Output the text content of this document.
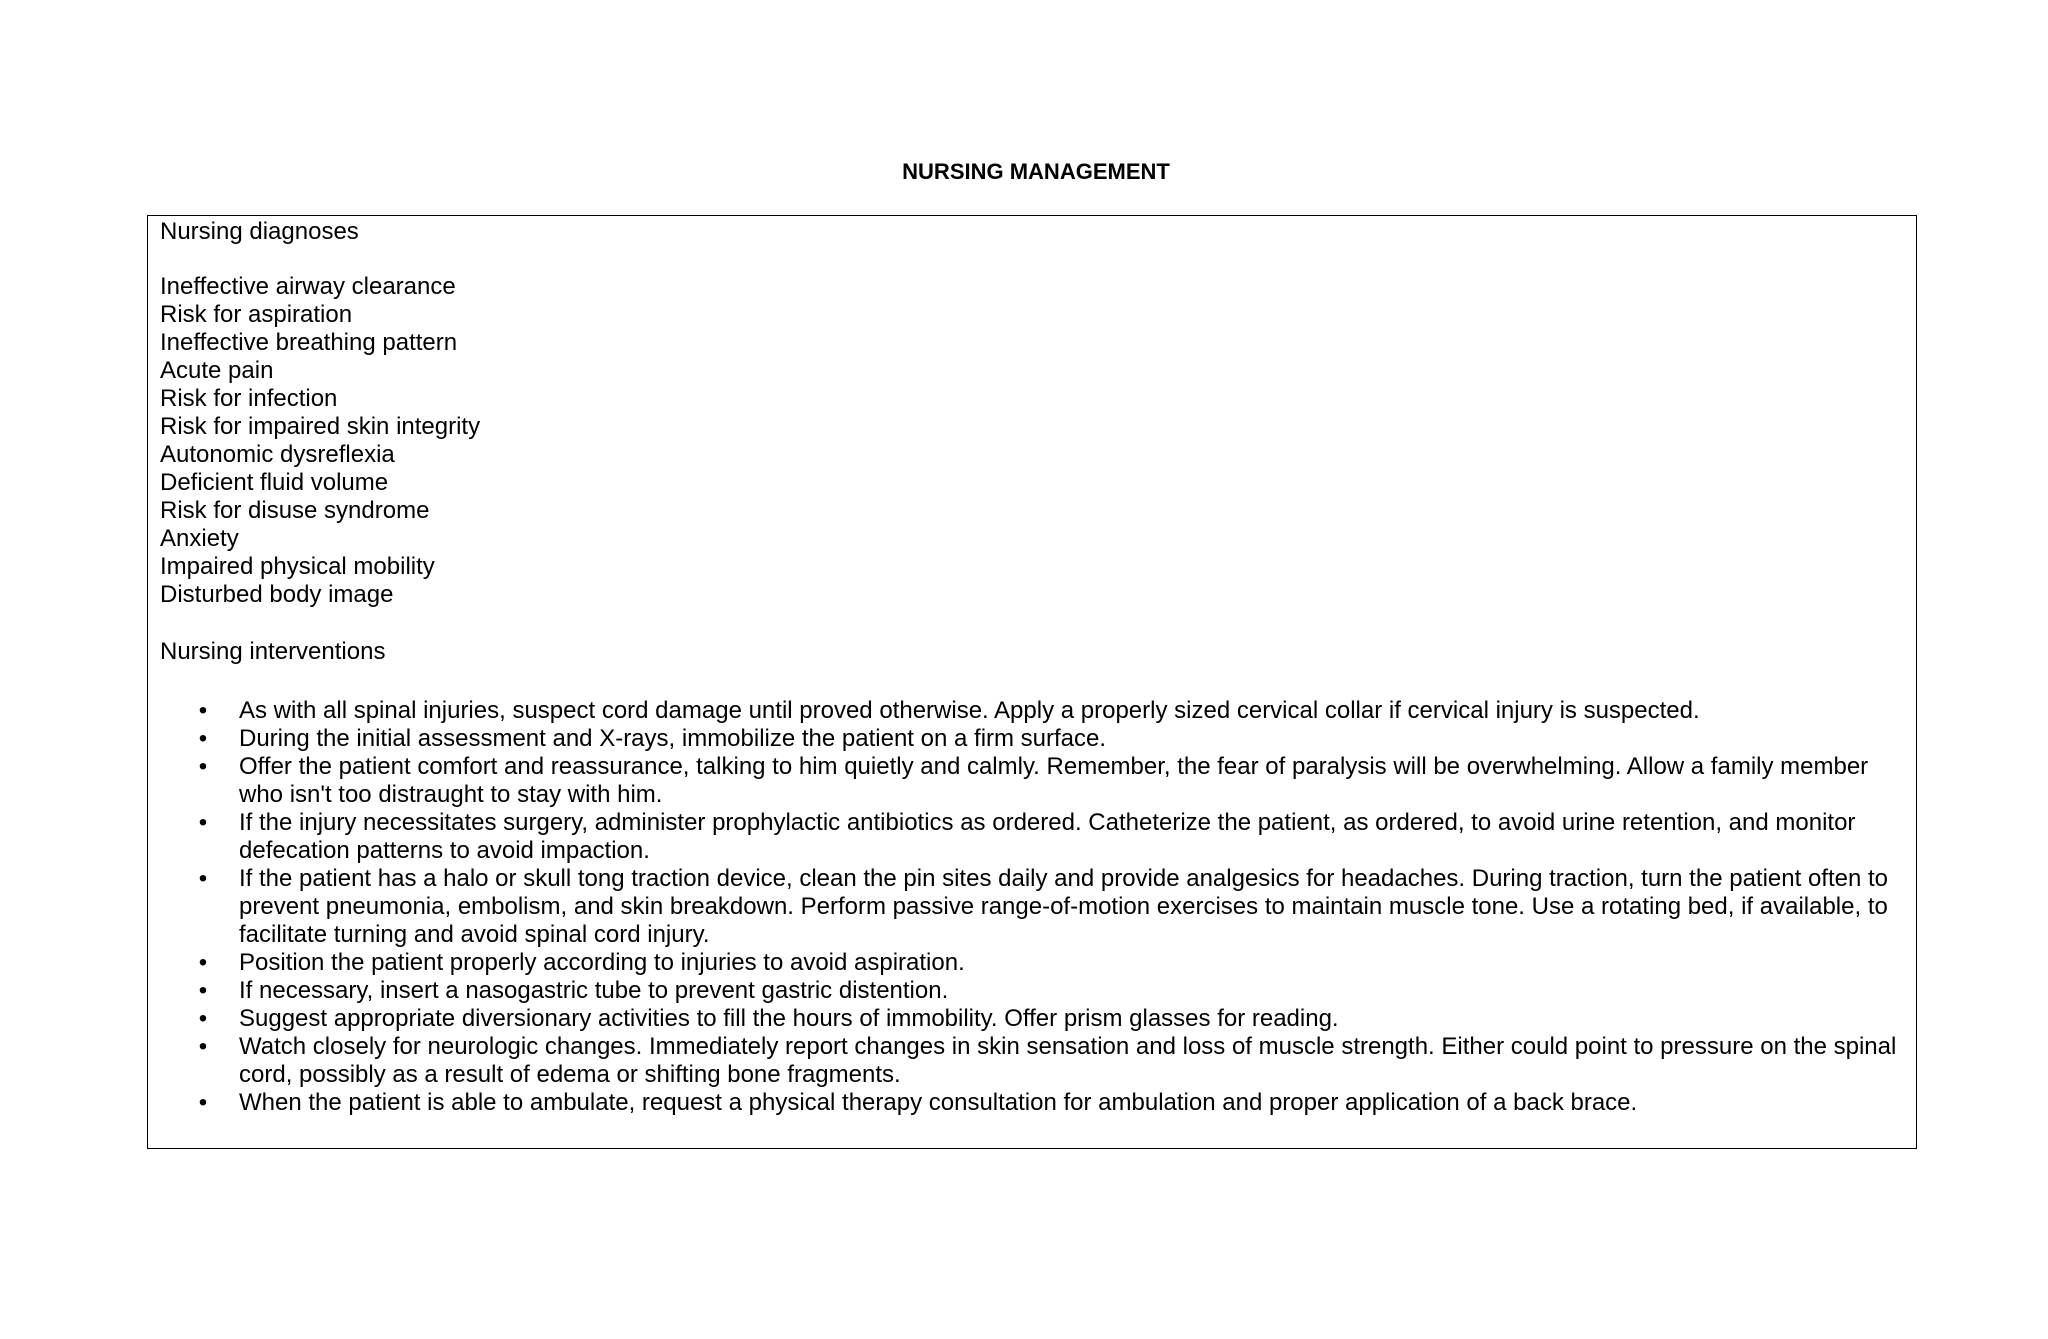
NURSING MANAGEMENT

Nursing diagnoses

Ineffective airway clearance
Risk for aspiration
Ineffective breathing pattern
Acute pain
Risk for infection
Risk for impaired skin integrity
Autonomic dysreflexia
Deficient fluid volume
Risk for disuse syndrome
Anxiety
Impaired physical mobility
Disturbed body image

Nursing interventions

• As with all spinal injuries, suspect cord damage until proved otherwise. Apply a properly sized cervical collar if cervical injury is suspected.
• During the initial assessment and X-rays, immobilize the patient on a firm surface.
• Offer the patient comfort and reassurance, talking to him quietly and calmly. Remember, the fear of paralysis will be overwhelming. Allow a family member who isn't too distraught to stay with him.
• If the injury necessitates surgery, administer prophylactic antibiotics as ordered. Catheterize the patient, as ordered, to avoid urine retention, and monitor defecation patterns to avoid impaction.
• If the patient has a halo or skull tong traction device, clean the pin sites daily and provide analgesics for headaches. During traction, turn the patient often to prevent pneumonia, embolism, and skin breakdown. Perform passive range-of-motion exercises to maintain muscle tone. Use a rotating bed, if available, to facilitate turning and avoid spinal cord injury.
• Position the patient properly according to injuries to avoid aspiration.
• If necessary, insert a nasogastric tube to prevent gastric distention.
• Suggest appropriate diversionary activities to fill the hours of immobility. Offer prism glasses for reading.
• Watch closely for neurologic changes. Immediately report changes in skin sensation and loss of muscle strength. Either could point to pressure on the spinal cord, possibly as a result of edema or shifting bone fragments.
• When the patient is able to ambulate, request a physical therapy consultation for ambulation and proper application of a back brace.
